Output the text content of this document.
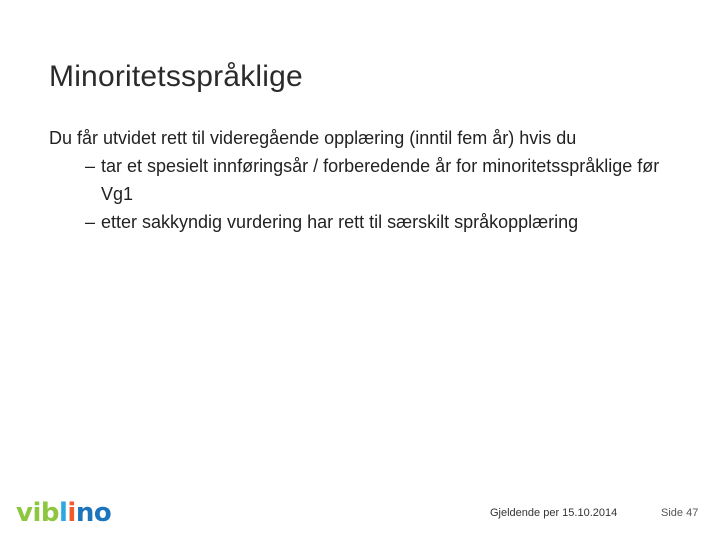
Minoritetsspråklige

Du får utvidet rett til videregående opplæring (inntil fem år) hvis du

– tar et spesielt innføringsår / forberedende år for minoritetsspråklige før Vg1
– etter sakkyndig vurdering har rett til særskilt språkopplæring
viblino	Gjeldende per 15.10.2014	Side 47
